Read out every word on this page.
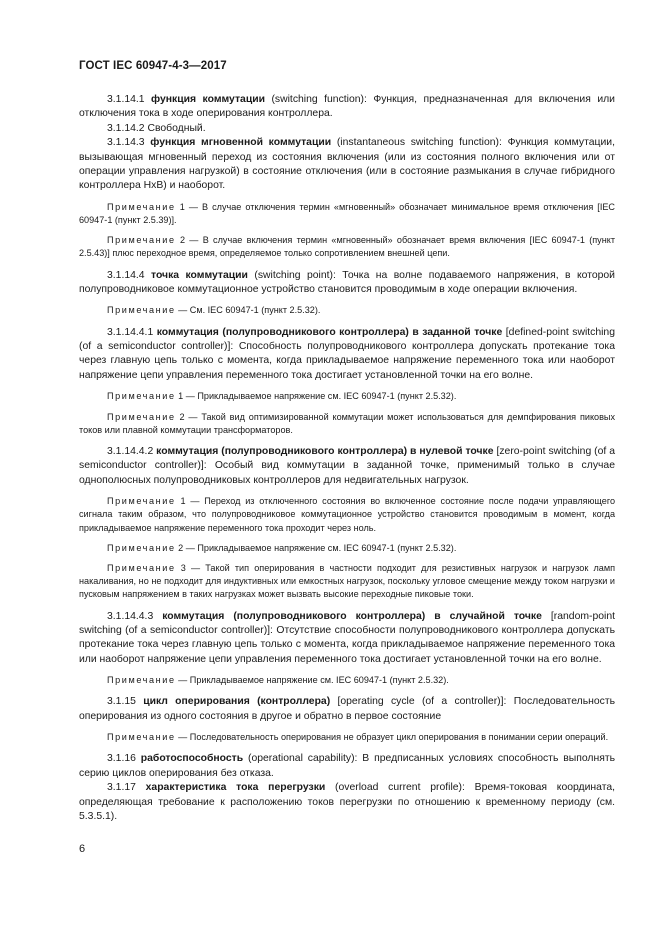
ГОСТ IEC 60947-4-3—2017

3.1.14.1 функция коммутации (switching function): Функция, предназначенная для включения или отключения тока в ходе оперирования контроллера.

3.1.14.2 Свободный.

3.1.14.3 функция мгновенной коммутации (instantaneous switching function): Функция коммутации, вызывающая мгновенный переход из состояния включения (или из состояния полного включения или от операции управления нагрузкой) в состояние отключения (или в состояние размыкания в случае гибридного контроллера HxB) и наоборот.

Примечание 1 — В случае отключения термин «мгновенный» обозначает минимальное время отключения [IEC 60947-1 (пункт 2.5.39)].

Примечание 2 — В случае включения термин «мгновенный» обозначает время включения [IEC 60947-1 (пункт 2.5.43)] плюс переходное время, определяемое только сопротивлением внешней цепи.

3.1.14.4 точка коммутации (switching point): Точка на волне подаваемого напряжения, в которой полупроводниковое коммутационное устройство становится проводимым в ходе операции включения.

Примечание — См. IEC 60947-1 (пункт 2.5.32).

3.1.14.4.1 коммутация (полупроводникового контроллера) в заданной точке [defined-point switching (of a semiconductor controller)]: Способность полупроводникового контроллера допускать протекание тока через главную цепь только с момента, когда прикладываемое напряжение переменного тока или наоборот напряжение цепи управления переменного тока достигает установленной точки на его волне.

Примечание 1 — Прикладываемое напряжение см. IEC 60947-1 (пункт 2.5.32).

Примечание 2 — Такой вид оптимизированной коммутации может использоваться для демпфирования пиковых токов или плавной коммутации трансформаторов.

3.1.14.4.2 коммутация (полупроводникового контроллера) в нулевой точке [zero-point switching (of a semiconductor controller)]: Особый вид коммутации в заданной точке, применимый только в случае однополюсных полупроводниковых контроллеров для недвигательных нагрузок.

Примечание 1 — Переход из отключенного состояния во включенное состояние после подачи управляющего сигнала таким образом, что полупроводниковое коммутационное устройство становится проводимым в момент, когда прикладываемое напряжение переменного тока проходит через ноль.

Примечание 2 — Прикладываемое напряжение см. IEC 60947-1 (пункт 2.5.32).

Примечание 3 — Такой тип оперирования в частности подходит для резистивных нагрузок и нагрузок ламп накаливания, но не подходит для индуктивных или емкостных нагрузок, поскольку угловое смещение между током нагрузки и пусковым напряжением в таких нагрузках может вызвать высокие переходные пиковые токи.

3.1.14.4.3 коммутация (полупроводникового контроллера) в случайной точке [random-point switching (of a semiconductor controller)]: Отсутствие способности полупроводникового контроллера допускать протекание тока через главную цепь только с момента, когда прикладываемое напряжение переменного тока или наоборот напряжение цепи управления переменного тока достигает установленной точки на его волне.

Примечание — Прикладываемое напряжение см. IEC 60947-1 (пункт 2.5.32).

3.1.15 цикл оперирования (контроллера) [operating cycle (of a controller)]: Последовательность оперирования из одного состояния в другое и обратно в первое состояние

Примечание — Последовательность оперирования не образует цикл оперирования в понимании серии операций.

3.1.16 работоспособность (operational capability): В предписанных условиях способность выполнять серию циклов оперирования без отказа.

3.1.17 характеристика тока перегрузки (overload current profile): Время-токовая координата, определяющая требование к расположению токов перегрузки по отношению к временному периоду (см. 5.3.5.1).

6
